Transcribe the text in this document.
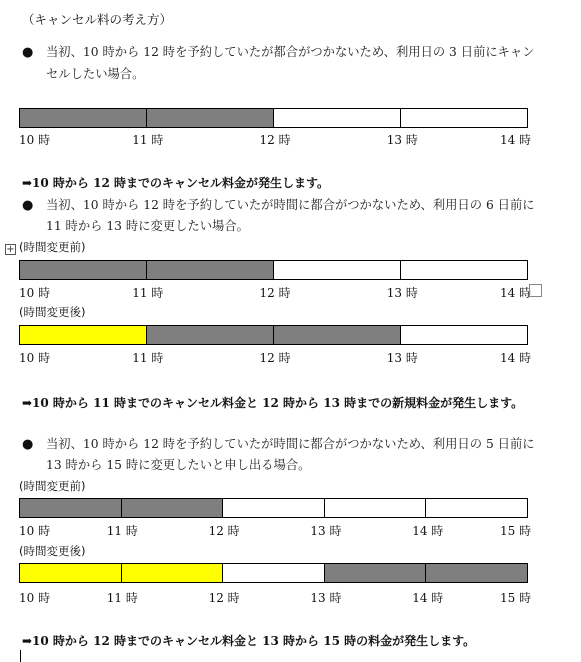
（キャンセル料の考え方）
● 当初、10 時から 12 時を予約していたが都合がつかないため、利用日の 3 日前にキャン
セルしたい場合。
10 時	11 時	12 時	13 時	14 時
➡10 時から 12 時までのキャンセル料金が発生します。
● 当初、10 時から 12 時を予約していたが時間に都合がつかないため、利用日の 6 日前に
11 時から 13 時に変更したい場合。
+ (時間変更前)
10 時	11 時	12 時	13 時	14 時
(時間変更後)
10 時	11 時	12 時	13 時	14 時
➡10 時から 11 時までのキャンセル料金と 12 時から 13 時までの新規料金が発生します。
● 当初、10 時から 12 時を予約していたが時間に都合がつかないため、利用日の 5 日前に
13 時から 15 時に変更したいと申し出る場合。
(時間変更前)
10 時	11 時	12 時	13 時	14 時	15 時
(時間変更後)
10 時	11 時	12 時	13 時	14 時	15 時
➡10 時から 12 時までのキャンセル料金と 13 時から 15 時の料金が発生します。
